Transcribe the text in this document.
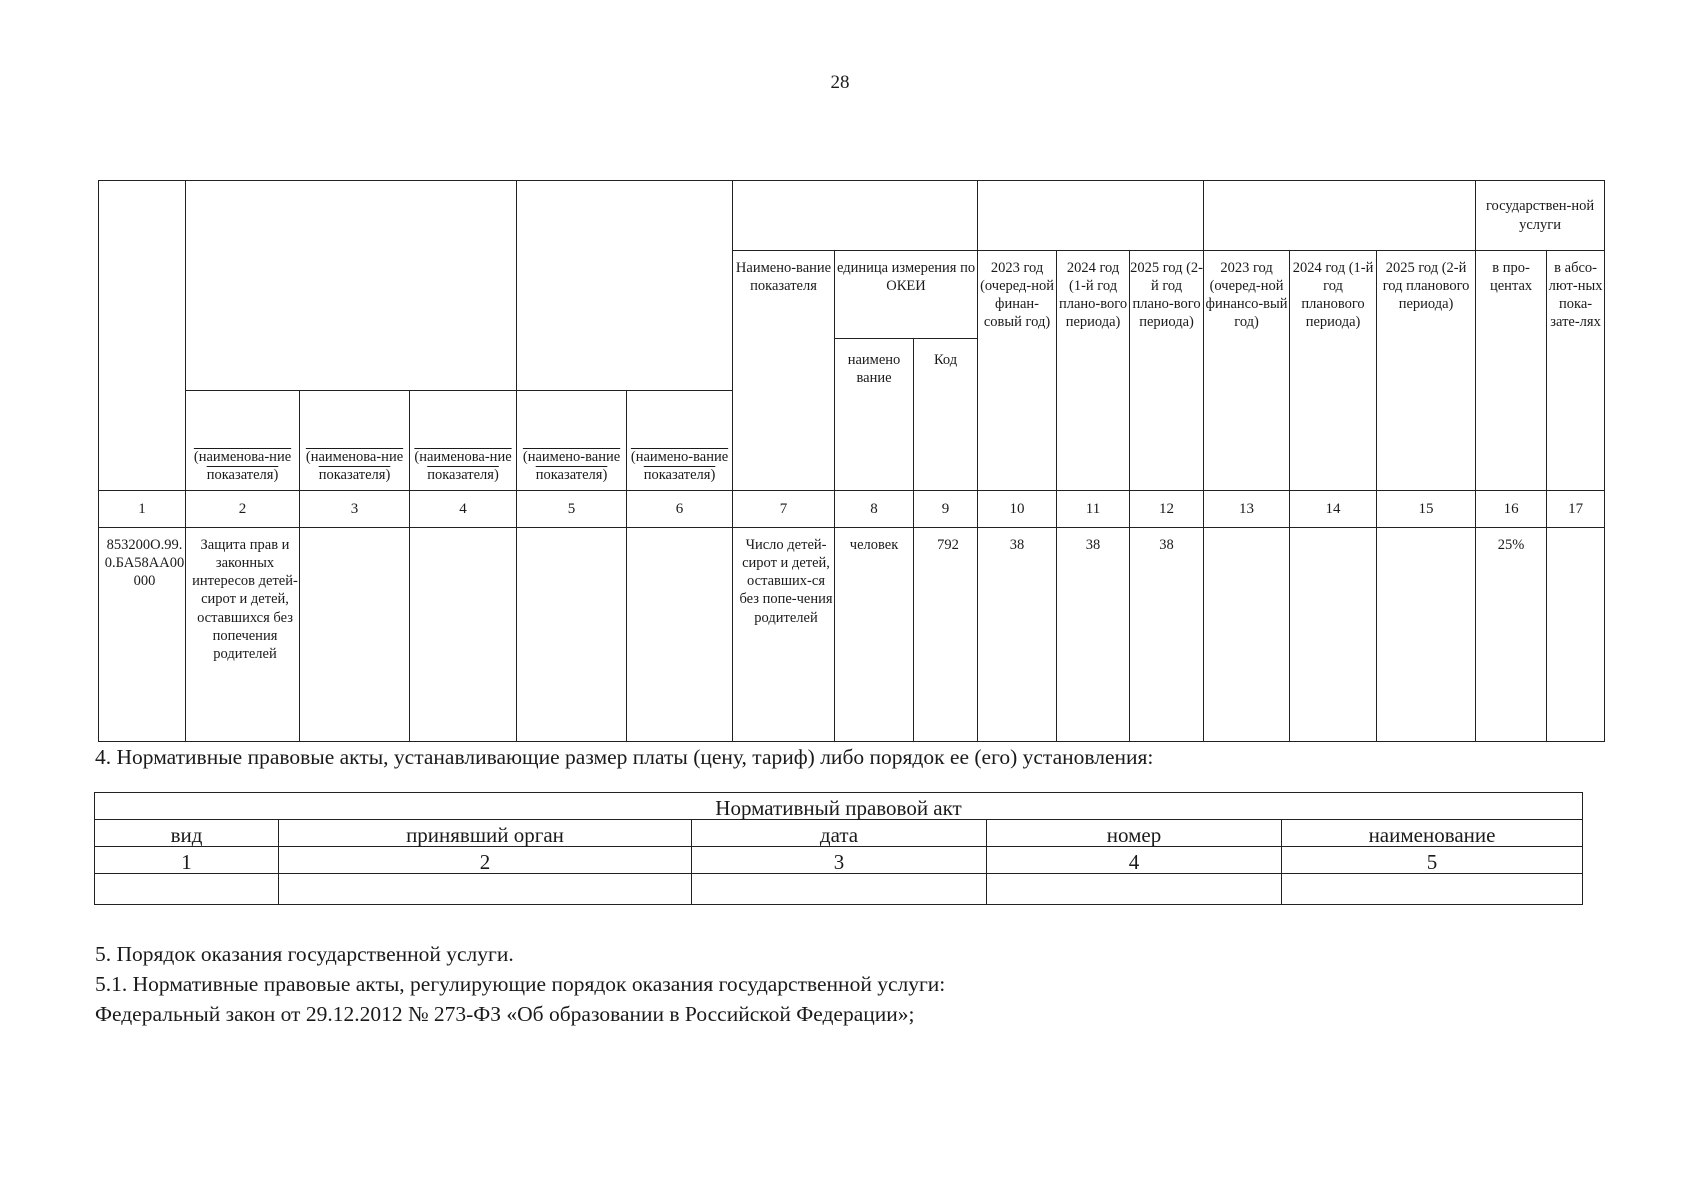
28
															государствен-ной услуги	
						Наимено-вание показателя	единица измерения по ОКЕИ		2023 год (очеред-ной финан-совый год)	2024 год (1-й год плано-вого периода)	2025 год (2-й год плано-вого периода)	2023 год (очеред-ной финансо-вый год)	2024 год (1-й год планового периода)	2025 год (2-й год планового периода)	в про-центах	в абсо-лют-ных пока-зате-лях
							наимено вание	Код								
	(наименова-ние показателя)	(наименова-ние показателя)	(наименова-ние показателя)	(наимено-вание показателя)	(наимено-вание показателя)											
1	2	3	4	5	6	7	8	9	10	11	12	13	14	15	16	17
853200О.99.0.БА58АА00000	Защита прав и законных интересов детей-сирот и детей, оставшихся без попечения родителей					Число детей-сирот и детей, оставших-ся без попе-чения родителей	человек	792	38	38	38				25%	
4. Нормативные правовые акты, устанавливающие размер платы (цену, тариф) либо порядок ее (его) установления:
Нормативный правовой акт				
вид	принявший орган	дата	номер	наименование
1	2	3	4	5

5. Порядок оказания государственной услуги.
5.1. Нормативные правовые акты, регулирующие порядок оказания государственной услуги:
Федеральный закон от 29.12.2012 № 273-ФЗ «Об образовании в Российской Федерации»;
